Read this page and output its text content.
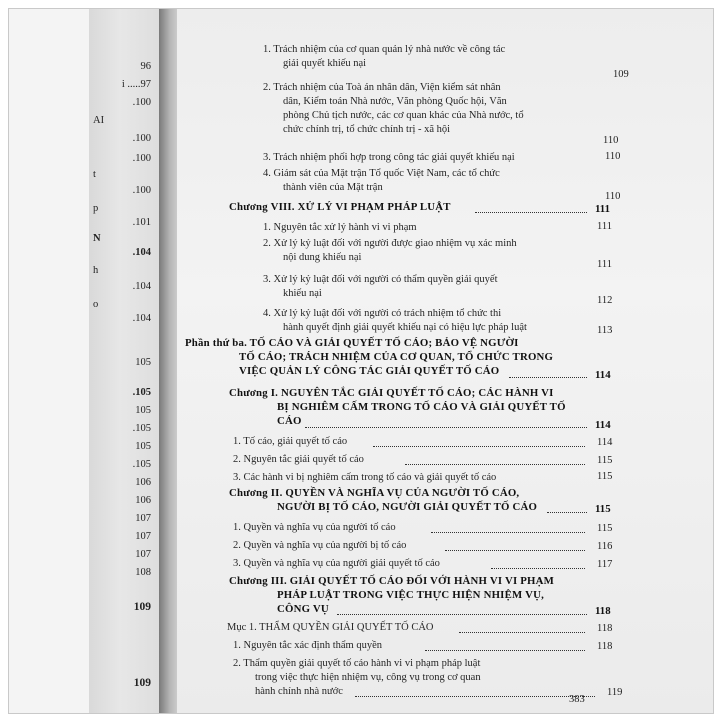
96
i .....97
.100
AI
.100
.100
t
.100
p
.101
N
.104
h
.104
o
.104
105
.105
105
.105
105
.105
106
106
107
107
107
108
109
109
1. Trách nhiệm của cơ quan quản lý nhà nước về công tác
giải quyết khiếu nại
109
2. Trách nhiệm của Toà án nhân dân, Viện kiểm sát nhân
dân, Kiểm toán Nhà nước, Văn phòng Quốc hội, Văn
phòng Chủ tịch nước, các cơ quan khác của Nhà nước, tổ
chức chính trị, tổ chức chính trị - xã hội
110
3. Trách nhiệm phối hợp trong công tác giải quyết khiếu nại	110
4. Giám sát của Mặt trận Tổ quốc Việt Nam, các tổ chức
thành viên của Mặt trận
110
Chương VIII. XỬ LÝ VI PHẠM PHÁP LUẬT	111
1. Nguyên tắc xử lý hành vi vi phạm	111
2. Xử lý kỷ luật đối với người được giao nhiệm vụ xác minh
nội dung khiếu nại
111
3. Xử lý kỷ luật đối với người có thẩm quyền giải quyết
khiếu nại
112
4. Xử lý kỷ luật đối với người có trách nhiệm tổ chức thi
hành quyết định giải quyết khiếu nại có hiệu lực pháp luật	113
Phần thứ ba. TỐ CÁO VÀ GIẢI QUYẾT TỐ CÁO; BẢO VỆ NGƯỜI
TỐ CÁO; TRÁCH NHIỆM CỦA CƠ QUAN, TỔ CHỨC TRONG
VIỆC QUẢN LÝ CÔNG TÁC GIẢI QUYẾT TỐ CÁO	114
Chương I. NGUYÊN TẮC GIẢI QUYẾT TỐ CÁO; CÁC HÀNH VI
BỊ NGHIÊM CẤM TRONG TỐ CÁO VÀ GIẢI QUYẾT TỐ
CÁO	114
1. Tố cáo, giải quyết tố cáo	114
2. Nguyên tắc giải quyết tố cáo	115
3. Các hành vi bị nghiêm cấm trong tố cáo và giải quyết tố cáo	115
Chương II. QUYỀN VÀ NGHĨA VỤ CỦA NGƯỜI TỐ CÁO,
NGƯỜI BỊ TỐ CÁO, NGƯỜI GIẢI QUYẾT TỐ CÁO	115
1. Quyền và nghĩa vụ của người tố cáo	115
2. Quyền và nghĩa vụ của người bị tố cáo	116
3. Quyền và nghĩa vụ của người giải quyết tố cáo	117
Chương III. GIẢI QUYẾT TỐ CÁO ĐỐI VỚI HÀNH VI VI PHẠM
PHÁP LUẬT TRONG VIỆC THỰC HIỆN NHIỆM VỤ,
CÔNG VỤ	118
Mục 1. THẨM QUYỀN GIẢI QUYẾT TỐ CÁO	118
1. Nguyên tắc xác định thẩm quyền	118
2. Thẩm quyền giải quyết tố cáo hành vi vi phạm pháp luật
trong việc thực hiện nhiệm vụ, công vụ trong cơ quan
hành chính nhà nước	119
383
